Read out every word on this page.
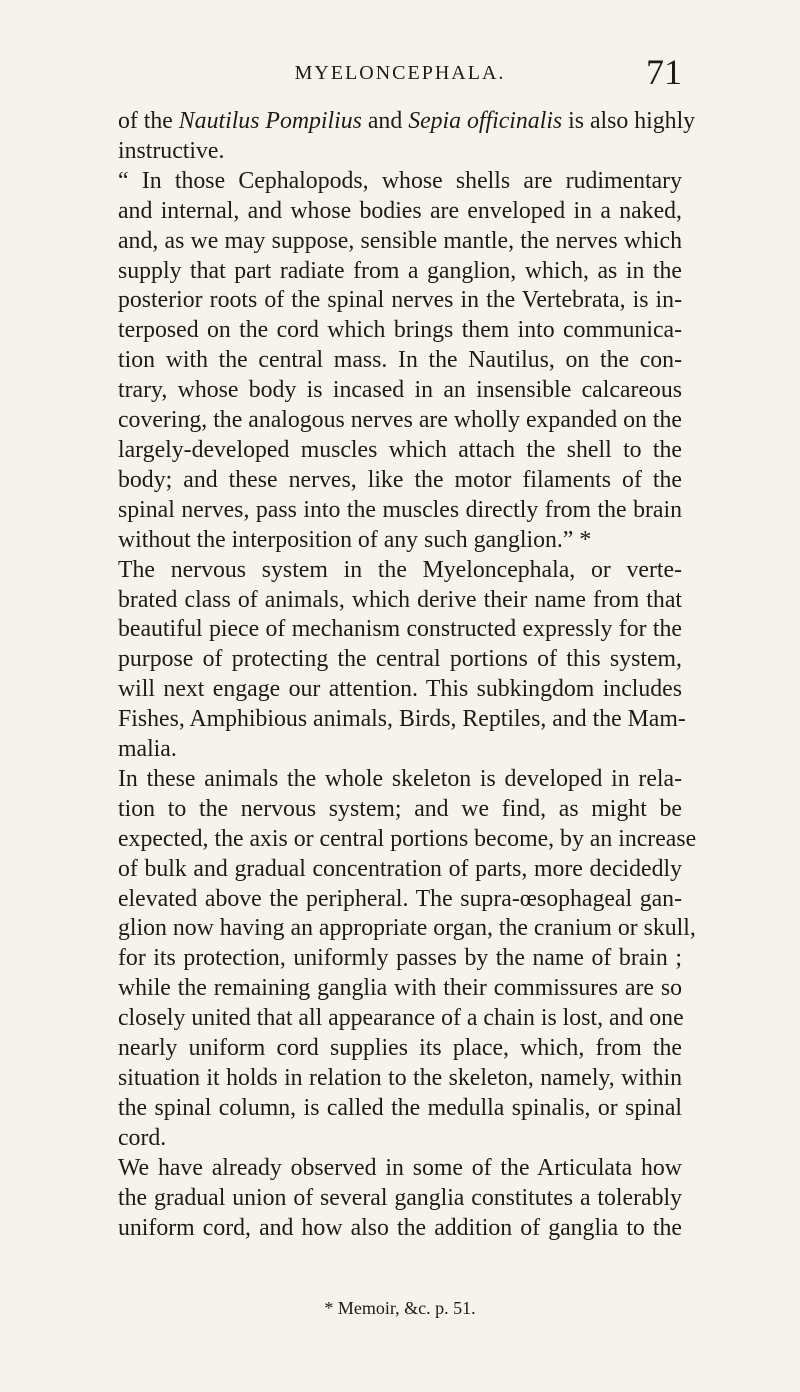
MYELONCEPHALA.	71
of the Nautilus Pompilius and Sepia officinalis is also highly
instructive.
“ In those Cephalopods, whose shells are rudimentary
and internal, and whose bodies are enveloped in a naked,
and, as we may suppose, sensible mantle, the nerves which
supply that part radiate from a ganglion, which, as in the
posterior roots of the spinal nerves in the Vertebrata, is in-
terposed on the cord which brings them into communica-
tion with the central mass. In the Nautilus, on the con-
trary, whose body is incased in an insensible calcareous
covering, the analogous nerves are wholly expanded on the
largely-developed muscles which attach the shell to the
body; and these nerves, like the motor filaments of the
spinal nerves, pass into the muscles directly from the brain
without the interposition of any such ganglion.” *
The nervous system in the Myeloncephala, or verte-
brated class of animals, which derive their name from that
beautiful piece of mechanism constructed expressly for the
purpose of protecting the central portions of this system,
will next engage our attention. This subkingdom includes
Fishes, Amphibious animals, Birds, Reptiles, and the Mam-
malia.
In these animals the whole skeleton is developed in rela-
tion to the nervous system; and we find, as might be
expected, the axis or central portions become, by an increase
of bulk and gradual concentration of parts, more decidedly
elevated above the peripheral. The supra-œsophageal gan-
glion now having an appropriate organ, the cranium or skull,
for its protection, uniformly passes by the name of brain ;
while the remaining ganglia with their commissures are so
closely united that all appearance of a chain is lost, and one
nearly uniform cord supplies its place, which, from the
situation it holds in relation to the skeleton, namely, within
the spinal column, is called the medulla spinalis, or spinal
cord.
We have already observed in some of the Articulata how
the gradual union of several ganglia constitutes a tolerably
uniform cord, and how also the addition of ganglia to the
* Memoir, &c. p. 51.
